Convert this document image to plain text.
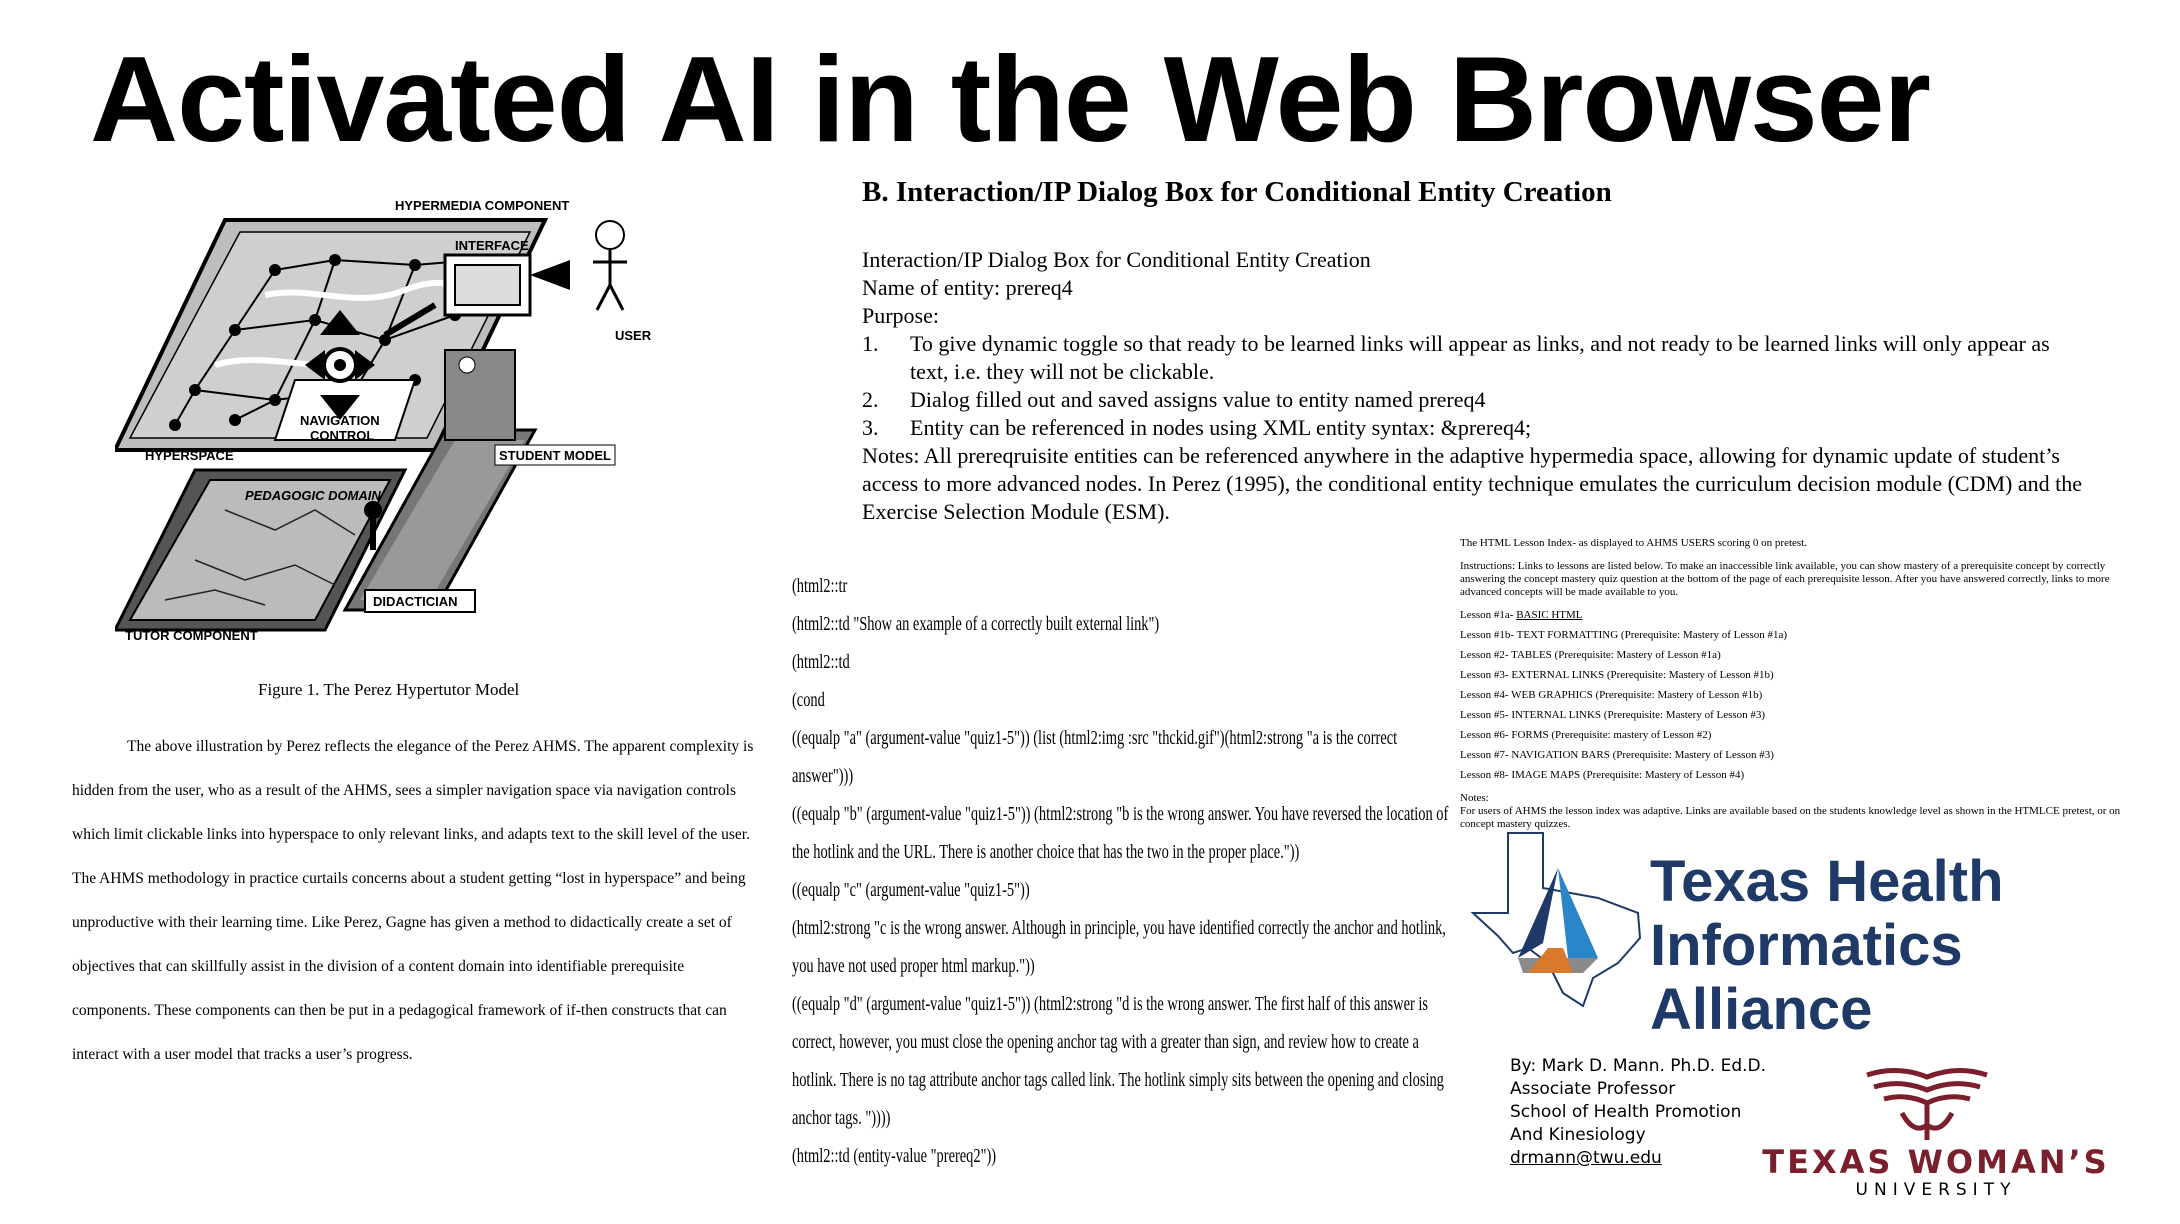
Activated AI in the Web Browser
HYPERMEDIA COMPONENT
INTERFACE
USER
HYPERSPACE
NAVIGATION
CONTROL
STUDENT MODEL
PEDAGOGIC DOMAIN
DIDACTICIAN
TUTOR COMPONENT
Figure 1. The Perez Hypertutor Model
The above illustration by Perez reflects the elegance of the Perez AHMS. The apparent complexity is hidden from the user, who as a result of the AHMS, sees a simpler navigation space via navigation controls which limit clickable links into hyperspace to only relevant links, and adapts text to the skill level of the user. The AHMS methodology in practice curtails concerns about a student getting “lost in hyperspace” and being unproductive with their learning time. Like Perez, Gagne has given a method to didactically create a set of objectives that can skillfully assist in the division of a content domain into identifiable prerequisite components. These components can then be put in a pedagogical framework of if-then constructs that can interact with a user model that tracks a user’s progress.
B. Interaction/IP Dialog Box for Conditional Entity Creation
Interaction/IP Dialog Box for Conditional Entity Creation
Name of entity: prereq4
Purpose:
1.	To give dynamic toggle so that ready to be learned links will appear as links, and not ready to be learned links will only appear as text, i.e. they will not be clickable.
2.	Dialog filled out and saved assigns value to entity named prereq4
3.	Entity can be referenced in nodes using XML entity syntax: &prereq4;
Notes: All prereqruisite entities can be referenced anywhere in the adaptive hypermedia space, allowing for dynamic update of student’s access to more advanced nodes. In Perez (1995), the conditional entity technique emulates the curriculum decision module (CDM) and the Exercise Selection Module (ESM).
(html2::tr
(html2::td "Show an example of a correctly built external link")
(html2::td
(cond
((equalp "a" (argument-value "quiz1-5")) (list (html2:img :src "thckid.gif")(html2:strong "a is the correct answer")))
((equalp "b" (argument-value "quiz1-5")) (html2:strong "b is the wrong answer. You have reversed the location of the hotlink and the URL. There is another choice that has the two in the proper place."))
((equalp "c" (argument-value "quiz1-5"))
(html2:strong "c is the wrong answer. Although in principle, you have identified correctly the anchor and hotlink, you have not used proper html markup."))
((equalp "d" (argument-value "quiz1-5")) (html2:strong "d is the wrong answer. The first half of this answer is correct, however, you must close the opening anchor tag with a greater than sign, and review how to create a hotlink. There is no tag attribute anchor tags called link. The hotlink simply sits between the opening and closing anchor tags. "))))
(html2::td (entity-value "prereq2"))

The HTML Lesson Index- as displayed to AHMS USERS scoring 0 on pretest.

Instructions: Links to lessons are listed below. To make an inaccessible link available, you can show mastery of a prerequisite concept by correctly answering the concept mastery quiz question at the bottom of the page of each prerequisite lesson. After you have answered correctly, links to more advanced concepts will be made available to you.

Lesson #1a- BASIC HTML
Lesson #1b- TEXT FORMATTING (Prerequisite: Mastery of Lesson #1a)
Lesson #2- TABLES (Prerequisite: Mastery of Lesson #1a)
Lesson #3- EXTERNAL LINKS (Prerequisite: Mastery of Lesson #1b)
Lesson #4- WEB GRAPHICS (Prerequisite: Mastery of Lesson #1b)
Lesson #5- INTERNAL LINKS (Prerequisite: Mastery of Lesson #3)
Lesson #6- FORMS (Prerequisite: mastery of Lesson #2)
Lesson #7- NAVIGATION BARS (Prerequisite: Mastery of Lesson #3)
Lesson #8- IMAGE MAPS (Prerequisite: Mastery of Lesson #4)

Notes:
For users of AHMS the lesson index was adaptive. Links are available based on the students knowledge level as shown in the HTMLCE pretest, or on concept mastery quizzes.

Texas Health
Informatics Alliance
By: Mark D. Mann. Ph.D. Ed.D.
Associate Professor
School of Health Promotion
And Kinesiology
drmann@twu.edu	TEXAS WOMAN’S
UNIVERSITY
